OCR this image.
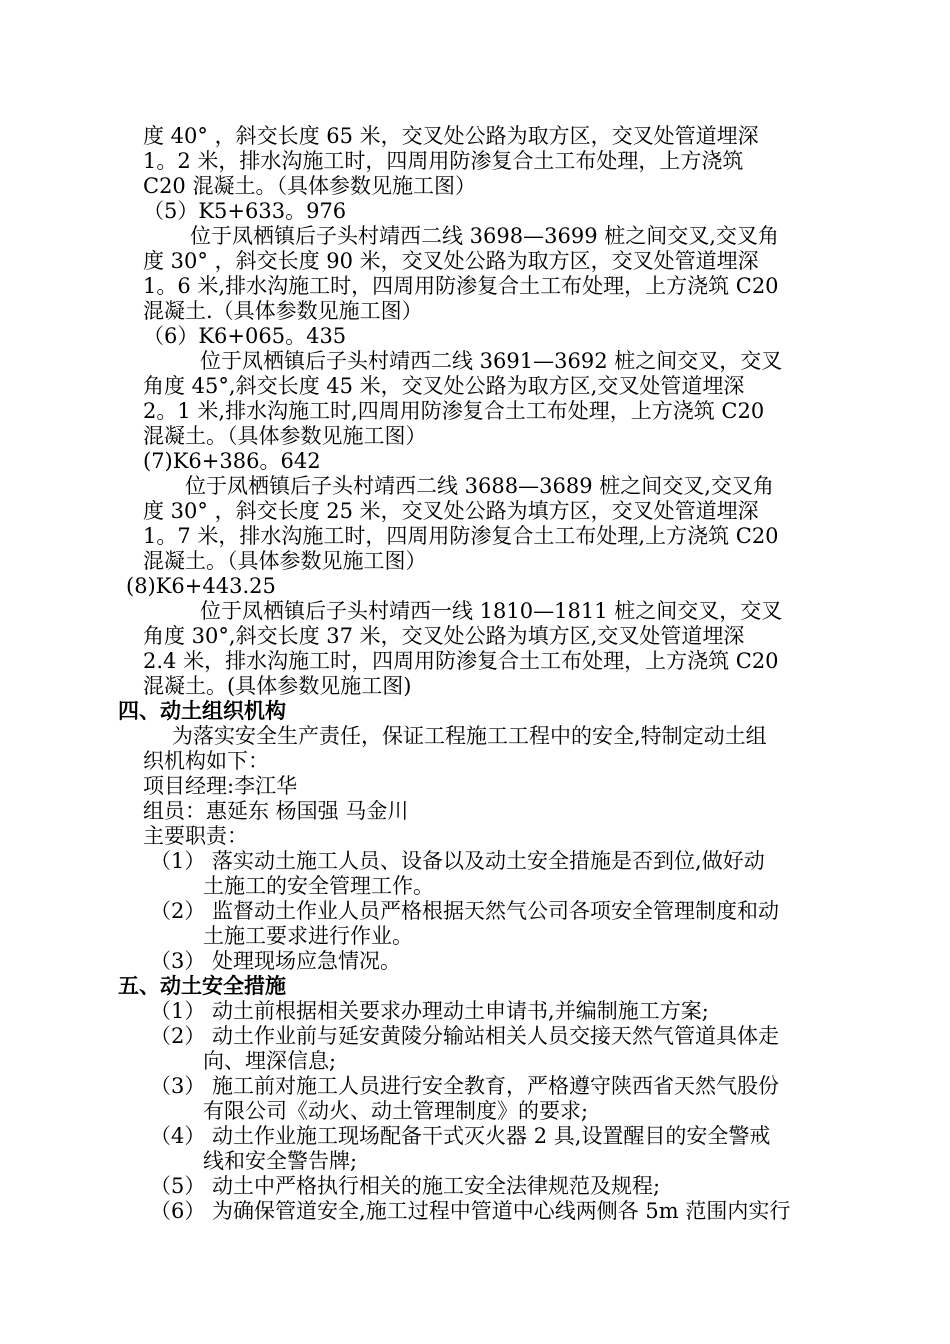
度 40° ，斜交长度 65 米，交叉处公路为取方区，交叉处管道埋深
1。2 米，排水沟施工时，四周用防渗复合土工布处理，上方浇筑
C20 混凝土。（具体参数见施工图）
（5）K5+633。976
位于凤栖镇后子头村靖西二线 3698—3699 桩之间交叉,交叉角
度 30° ，斜交长度 90 米，交叉处公路为取方区，交叉处管道埋深
1。6 米,排水沟施工时，四周用防渗复合土工布处理，上方浇筑 C20
混凝土.（具体参数见施工图）
（6）K6+065。435
位于凤栖镇后子头村靖西二线 3691—3692 桩之间交叉，交叉
角度 45°,斜交长度 45 米，交叉处公路为取方区,交叉处管道埋深
2。1 米,排水沟施工时,四周用防渗复合土工布处理，上方浇筑 C20
混凝土。（具体参数见施工图）
(7)K6+386。642
位于凤栖镇后子头村靖西二线 3688—3689 桩之间交叉,交叉角
度 30° ，斜交长度 25 米，交叉处公路为填方区，交叉处管道埋深
1。7 米，排水沟施工时，四周用防渗复合土工布处理,上方浇筑 C20
混凝土。（具体参数见施工图）
(8)K6+443.25
位于凤栖镇后子头村靖西一线 1810—1811 桩之间交叉，交叉
角度 30°,斜交长度 37 米，交叉处公路为填方区,交叉处管道埋深
2.4 米，排水沟施工时，四周用防渗复合土工布处理，上方浇筑 C20
混凝土。(具体参数见施工图)
四、动土组织机构
为落实安全生产责任，保证工程施工工程中的安全,特制定动土组
织机构如下：
项目经理:李江华
组员：惠延东 杨国强 马金川
主要职责：
（1） 落实动土施工人员、设备以及动土安全措施是否到位,做好动
土施工的安全管理工作。
（2） 监督动土作业人员严格根据天然气公司各项安全管理制度和动
土施工要求进行作业。
（3） 处理现场应急情况。
五、动土安全措施
（1） 动土前根据相关要求办理动土申请书,并编制施工方案;
（2） 动土作业前与延安黄陵分输站相关人员交接天然气管道具体走
向、埋深信息;
（3） 施工前对施工人员进行安全教育，严格遵守陕西省天然气股份
有限公司《动火、动土管理制度》的要求;
（4） 动土作业施工现场配备干式灭火器 2 具,设置醒目的安全警戒
线和安全警告牌;
（5） 动土中严格执行相关的施工安全法律规范及规程;
（6） 为确保管道安全,施工过程中管道中心线两侧各 5m 范围内实行
